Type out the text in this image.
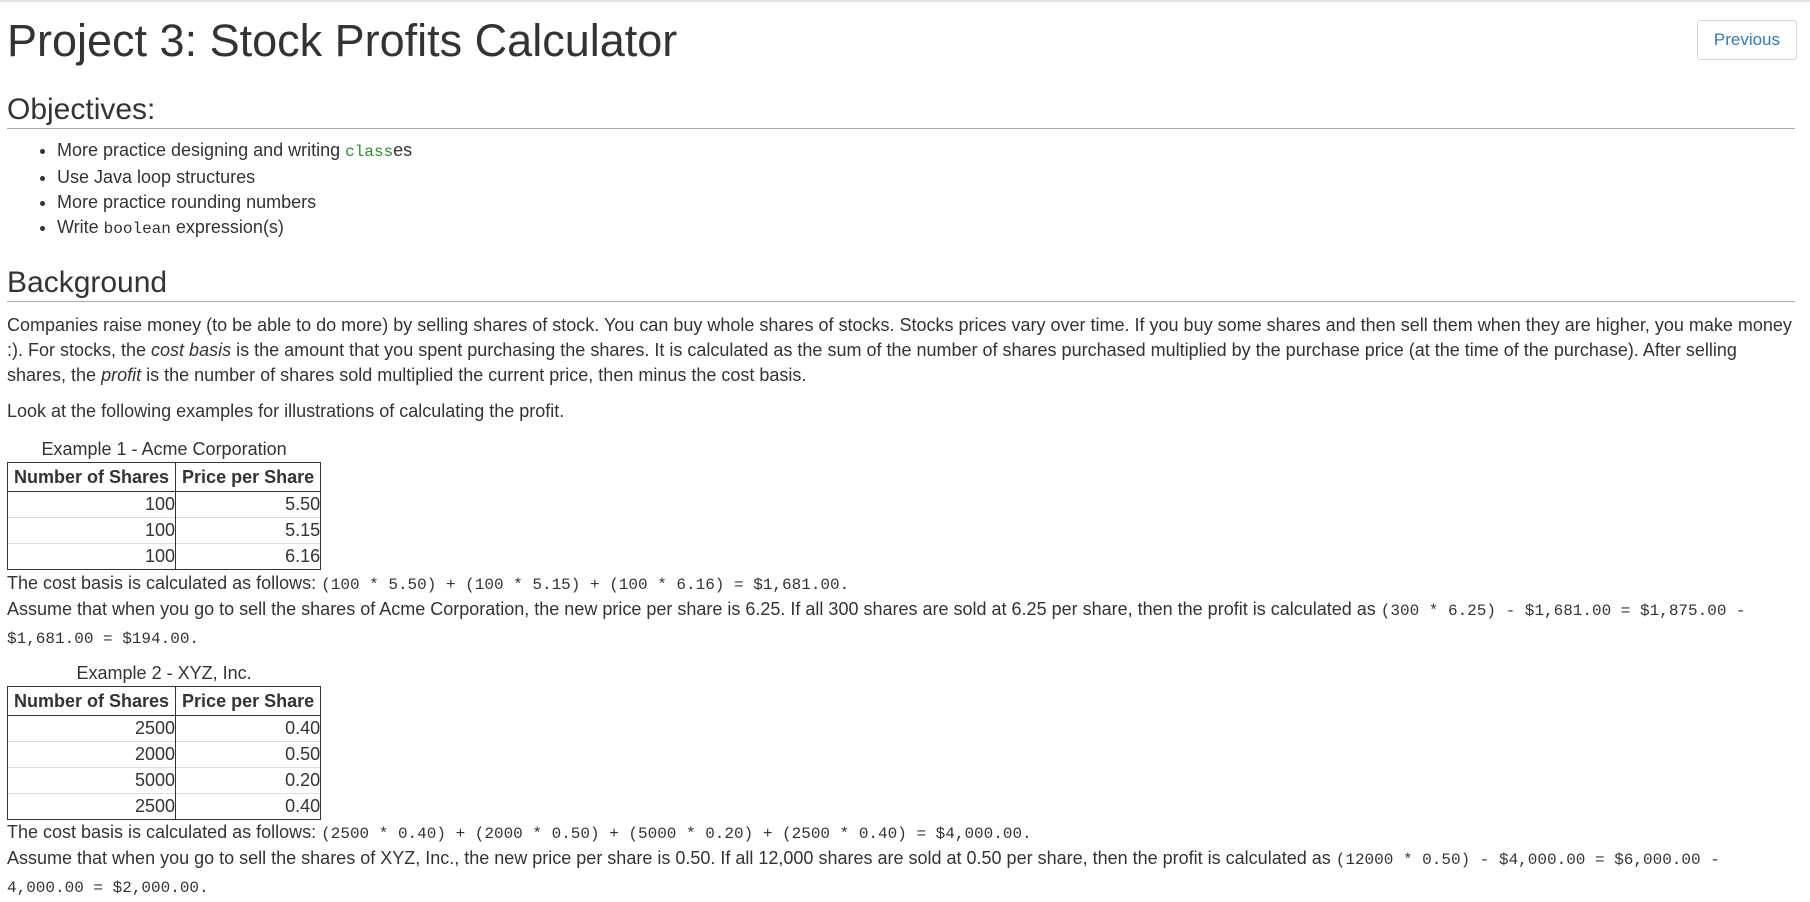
Project 3: Stock Profits Calculator	Previous
Objectives:
• More practice designing and writing classes
• Use Java loop structures
• More practice rounding numbers
• Write boolean expression(s)
Background

Companies raise money (to be able to do more) by selling shares of stock. You can buy whole shares of stocks. Stocks prices vary over time. If you buy some shares and then sell them when they are higher, you make money :). For stocks, the cost basis is the amount that you spent purchasing the shares. It is calculated as the sum of the number of shares purchased multiplied by the purchase price (at the time of the purchase). After selling shares, the profit is the number of shares sold multiplied the current price, then minus the cost basis.

Look at the following examples for illustrations of calculating the profit.

Example 1 - Acme Corporation
Number of Shares	Price per Share
100	5.50
100	5.15
100	6.16

The cost basis is calculated as follows: (100 * 5.50) + (100 * 5.15) + (100 * 6.16) = $1,681.00.

Assume that when you go to sell the shares of Acme Corporation, the new price per share is 6.25. If all 300 shares are sold at 6.25 per share, then the profit is calculated as (300 * 6.25) - $1,681.00 = $1,875.00 - $1,681.00 = $194.00.

Example 2 - XYZ, Inc.
Number of Shares	Price per Share
2500	0.40
2000	0.50
5000	0.20
2500	0.40

The cost basis is calculated as follows: (2500 * 0.40) + (2000 * 0.50) + (5000 * 0.20) + (2500 * 0.40) = $4,000.00.

Assume that when you go to sell the shares of XYZ, Inc., the new price per share is 0.50. If all 12,000 shares are sold at 0.50 per share, then the profit is calculated as (12000 * 0.50) - $4,000.00 = $6,000.00 - 4,000.00 = $2,000.00.
